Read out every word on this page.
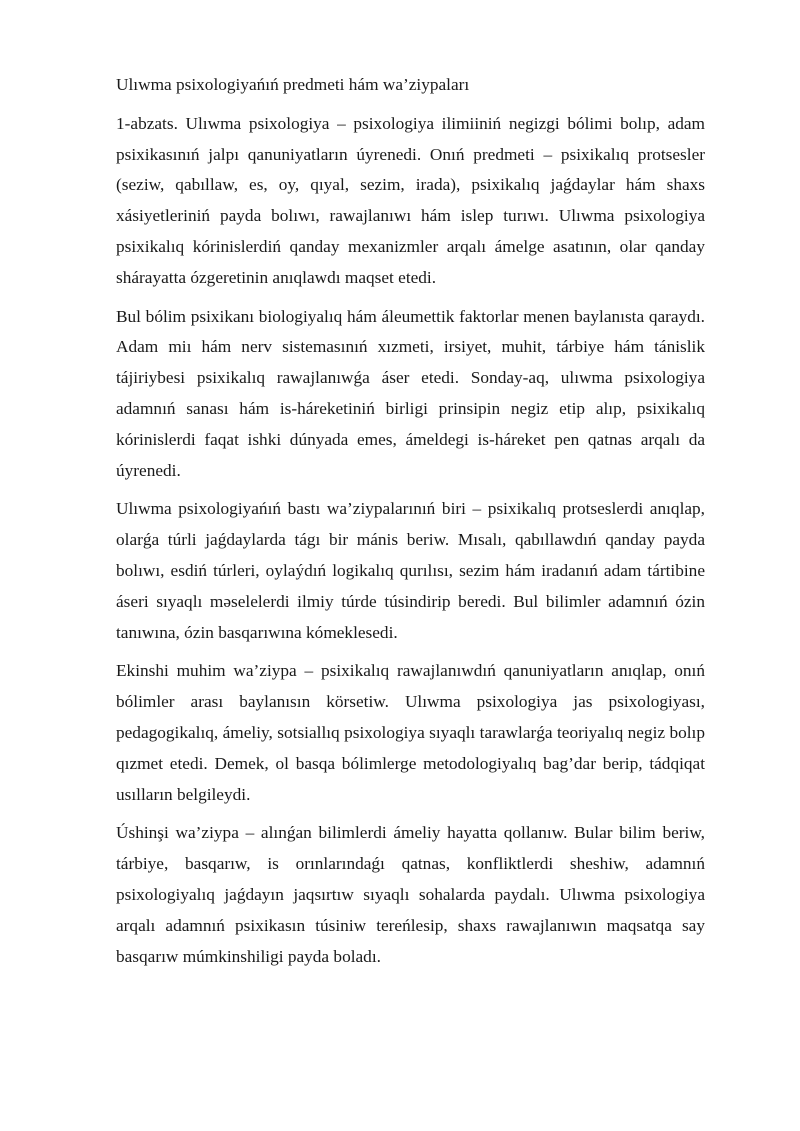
Ulıwma psixologiyańıń predmeti hám wa’ziypaları

1-abzats. Ulıwma psixologiya – psixologiya ilimiiniń negizgi bólimi bolıp, adam psixikasınıń jalpı qanuniyatların úyrenedi. Onıń predmeti – psixikalıq protsesler (seziw, qabıllaw, es, oy, qıyal, sezim, irada), psixikalıq jaǵdaylar hám shaxs xásiyetleriniń payda bolıwı, rawajlanıwı hám islep turıwı. Ulıwma psixologiya psixikalıq kórinislerdiń qanday mexanizmler arqalı ámelge asatının, olar qanday shárayatta ózgeretinin anıqlawdı maqset etedi.

Bul bólim psixikanı biologiyalıq hám áleumettik faktorlar menen baylanısta qaraydı. Adam miı hám nerv sistemasınıń xızmeti, irsiyet, muhit, tárbiye hám tánislik tájiriybesi psixikalıq rawajlanıwǵa áser etedi. Sonday-aq, ulıwma psixologiya adamnıń sanası hám is-háreketiniń birligi prinsipin negiz etip alıp, psixikalıq kórinislerdi faqat ishki dúnyada emes, ámeldegi is-háreket pen qatnas arqalı da úyrenedi.

Ulıwma psixologiyańıń bastı wa’ziypalarınıń biri – psixikalıq protseslerdi anıqlap, olarǵa túrli jaǵdaylarda tágı bir mánis beriw. Mısalı, qabıllawdıń qanday payda bolıwı, esdiń túrleri, oylaýdıń logikalıq qurılısı, sezim hám iradanıń adam tártibine áseri sıyaqlı məselelerdi ilmiy túrde túsindirip beredi. Bul bilimler adamnıń ózin tanıwına, ózin basqarıwına kómeklesedi.

Ekinshi muhim wa’ziypa – psixikalıq rawajlanıwdıń qanuniyatların anıqlap, onıń bólimler arası baylanısın körsetiw. Ulıwma psixologiya jas psixologiyası, pedagogikalıq, ámeliy, sotsiallıq psixologiya sıyaqlı tarawlarǵa teoriyalıq negiz bolıp qızmet etedi. Demek, ol basqa bólimlerge metodologiyalıq bag’dar berip, tádqiqat usılların belgileydi.

Úshinşi wa’ziypa – alınǵan bilimlerdi ámeliy hayatta qollanıw. Bular bilim beriw, tárbiye, basqarıw, is orınlarındaǵı qatnas, konfliktlerdi sheshiw, adamnıń psixologiyalıq jaǵdayın jaqsırtıw sıyaqlı sohalarda paydalı. Ulıwma psixologiya arqalı adamnıń psixikasın túsiniw tereńlesip, shaxs rawajlanıwın maqsatqa say basqarıw múmkinshiligi payda boladı.
